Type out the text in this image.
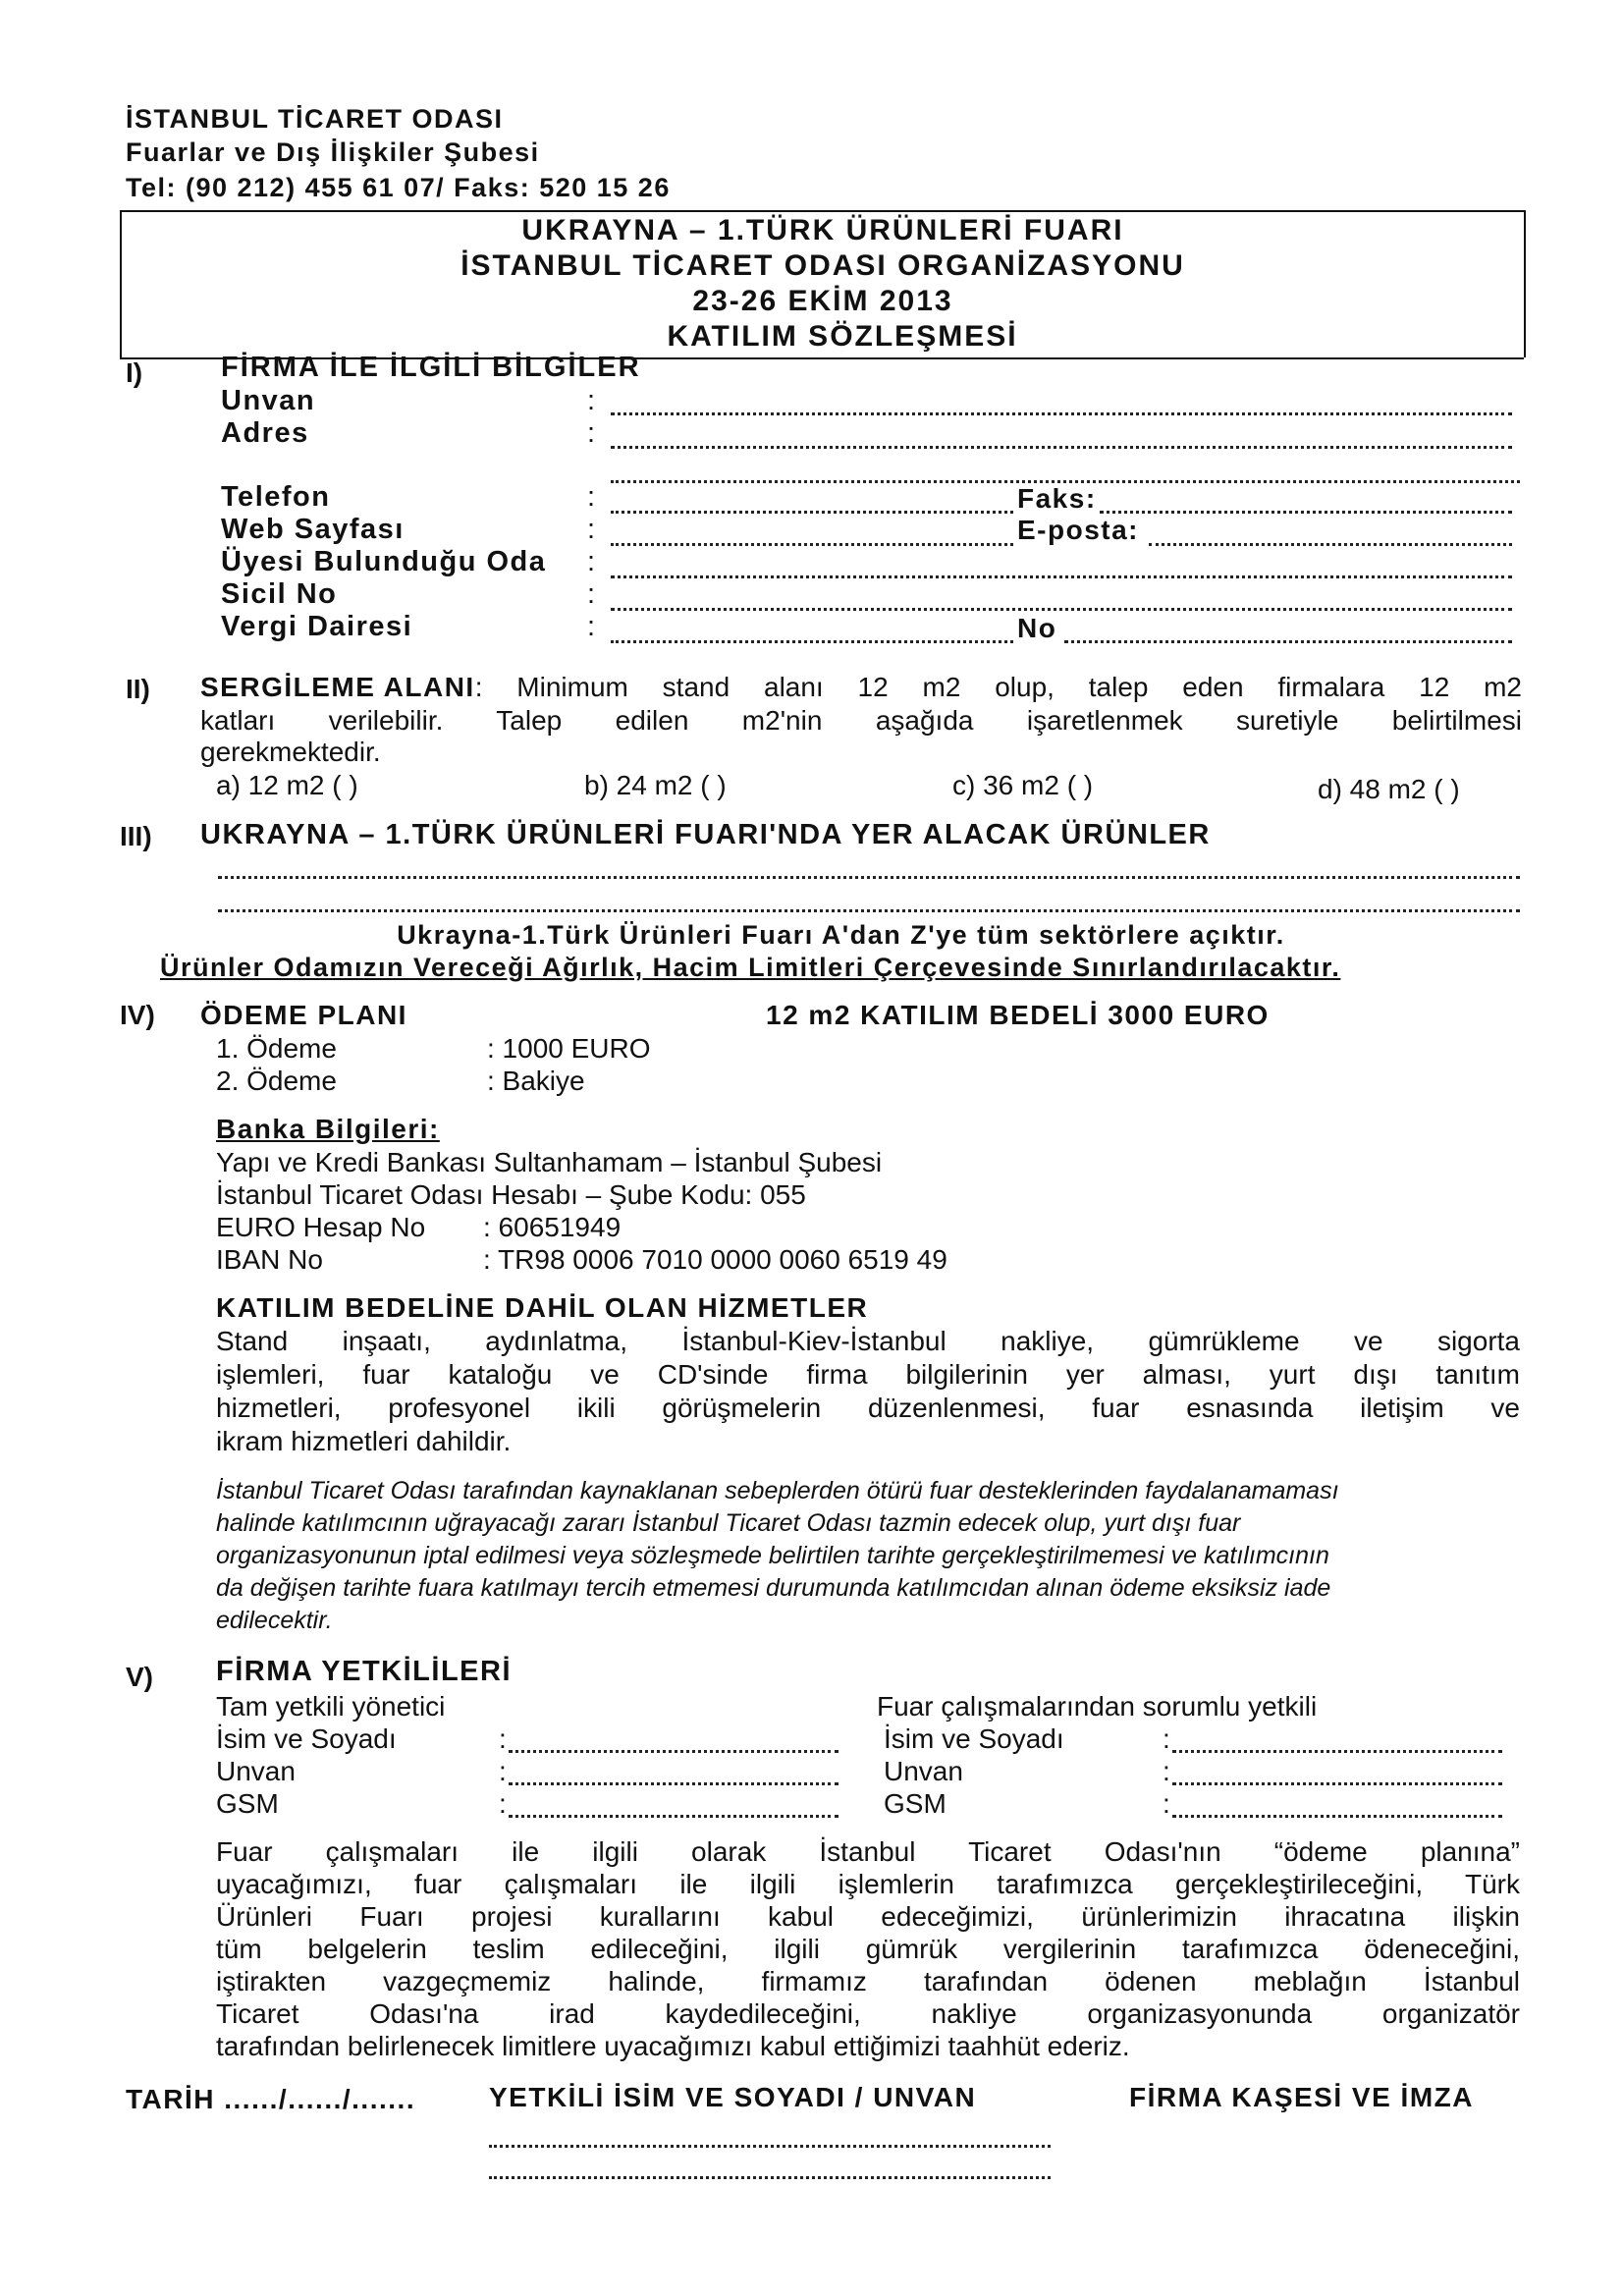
İSTANBUL TİCARET ODASI
Fuarlar ve Dış İlişkiler Şubesi
Tel: (90 212) 455 61 07/ Faks: 520 15 26
UKRAYNA – 1.TÜRK ÜRÜNLERİ FUARI
İSTANBUL TİCARET ODASI ORGANİZASYONU
23-26 EKİM 2013
KATILIM SÖZLEŞMESİ
I)	FİRMA İLE İLGİLİ BİLGİLER
Unvan	:
Adres	:
Telefon	:	Faks:
Web Sayfası	:	E-posta:
Üyesi Bulunduğu Oda :
Sicil No	:
Vergi Dairesi	:	No
II) SERGİLEME ALANI : Minimum stand alanı 12 m2 olup, talep eden firmalara 12 m2
katları verilebilir. Talep edilen m2'nin aşağıda işaretlenmek suretiyle belirtilmesi
gerekmektedir.
a) 12 m2 ( )	b) 24 m2 ( )	c) 36 m2 ( )	d) 48 m2 ( )
III) UKRAYNA – 1.TÜRK ÜRÜNLERİ FUARI'NDA YER ALACAK ÜRÜNLER
Ukrayna-1.Türk Ürünleri Fuarı A'dan Z'ye tüm sektörlere açıktır.
Ürünler Odamızın Vereceği Ağırlık, Hacim Limitleri Çerçevesinde Sınırlandırılacaktır.
IV) ÖDEME PLANI	12 m2 KATILIM BEDELİ 3000 EURO
1. Ödeme	: 1000 EURO
2. Ödeme	: Bakiye
Banka Bilgileri:
Yapı ve Kredi Bankası Sultanhamam – İstanbul Şubesi
İstanbul Ticaret Odası Hesabı – Şube Kodu: 055
EURO Hesap No : 60651949
IBAN No	: TR98 0006 7010 0000 0060 6519 49
KATILIM BEDELİNE DAHİL OLAN HİZMETLER
Stand inşaatı, aydınlatma, İstanbul-Kiev-İstanbul nakliye, gümrükleme ve sigorta
işlemleri, fuar kataloğu ve CD'sinde firma bilgilerinin yer alması, yurt dışı tanıtım
hizmetleri, profesyonel ikili görüşmelerin düzenlenmesi, fuar esnasında iletişim ve
ikram hizmetleri dahildir.
İstanbul Ticaret Odası tarafından kaynaklanan sebeplerden ötürü fuar desteklerinden faydalanamaması
halinde katılımcının uğrayacağı zararı İstanbul Ticaret Odası tazmin edecek olup, yurt dışı fuar
organizasyonunun iptal edilmesi veya sözleşmede belirtilen tarihte gerçekleştirilmemesi ve katılımcının
da değişen tarihte fuara katılmayı tercih etmemesi durumunda katılımcıdan alınan ödeme eksiksiz iade
edilecektir.
V) FİRMA YETKİLİLERİ
Tam yetkili yönetici	Fuar çalışmalarından sorumlu yetkili
İsim ve Soyadı	:	İsim ve Soyadı	:
Unvan	:	Unvan	:
GSM	:	GSM	:
Fuar çalışmaları ile ilgili olarak İstanbul Ticaret Odası'nın “ödeme planına”
uyacağımızı, fuar çalışmaları ile ilgili işlemlerin tarafımızca gerçekleştirileceğini, Türk
Ürünleri Fuarı projesi kurallarını kabul edeceğimizi, ürünlerimizin ihracatına ilişkin
tüm belgelerin teslim edileceğini, ilgili gümrük vergilerinin tarafımızca ödeneceğini,
iştirakten vazgeçmemiz halinde, firmamız tarafından ödenen meblağın İstanbul
Ticaret Odası'na irad kaydedileceğini, nakliye organizasyonunda organizatör
tarafından belirlenecek limitlere uyacağımızı kabul ettiğimizi taahhüt ederiz.
TARİH ....../....../.......	YETKİLİ İSİM VE SOYADI / UNVAN	FİRMA KAŞESİ VE İMZA
